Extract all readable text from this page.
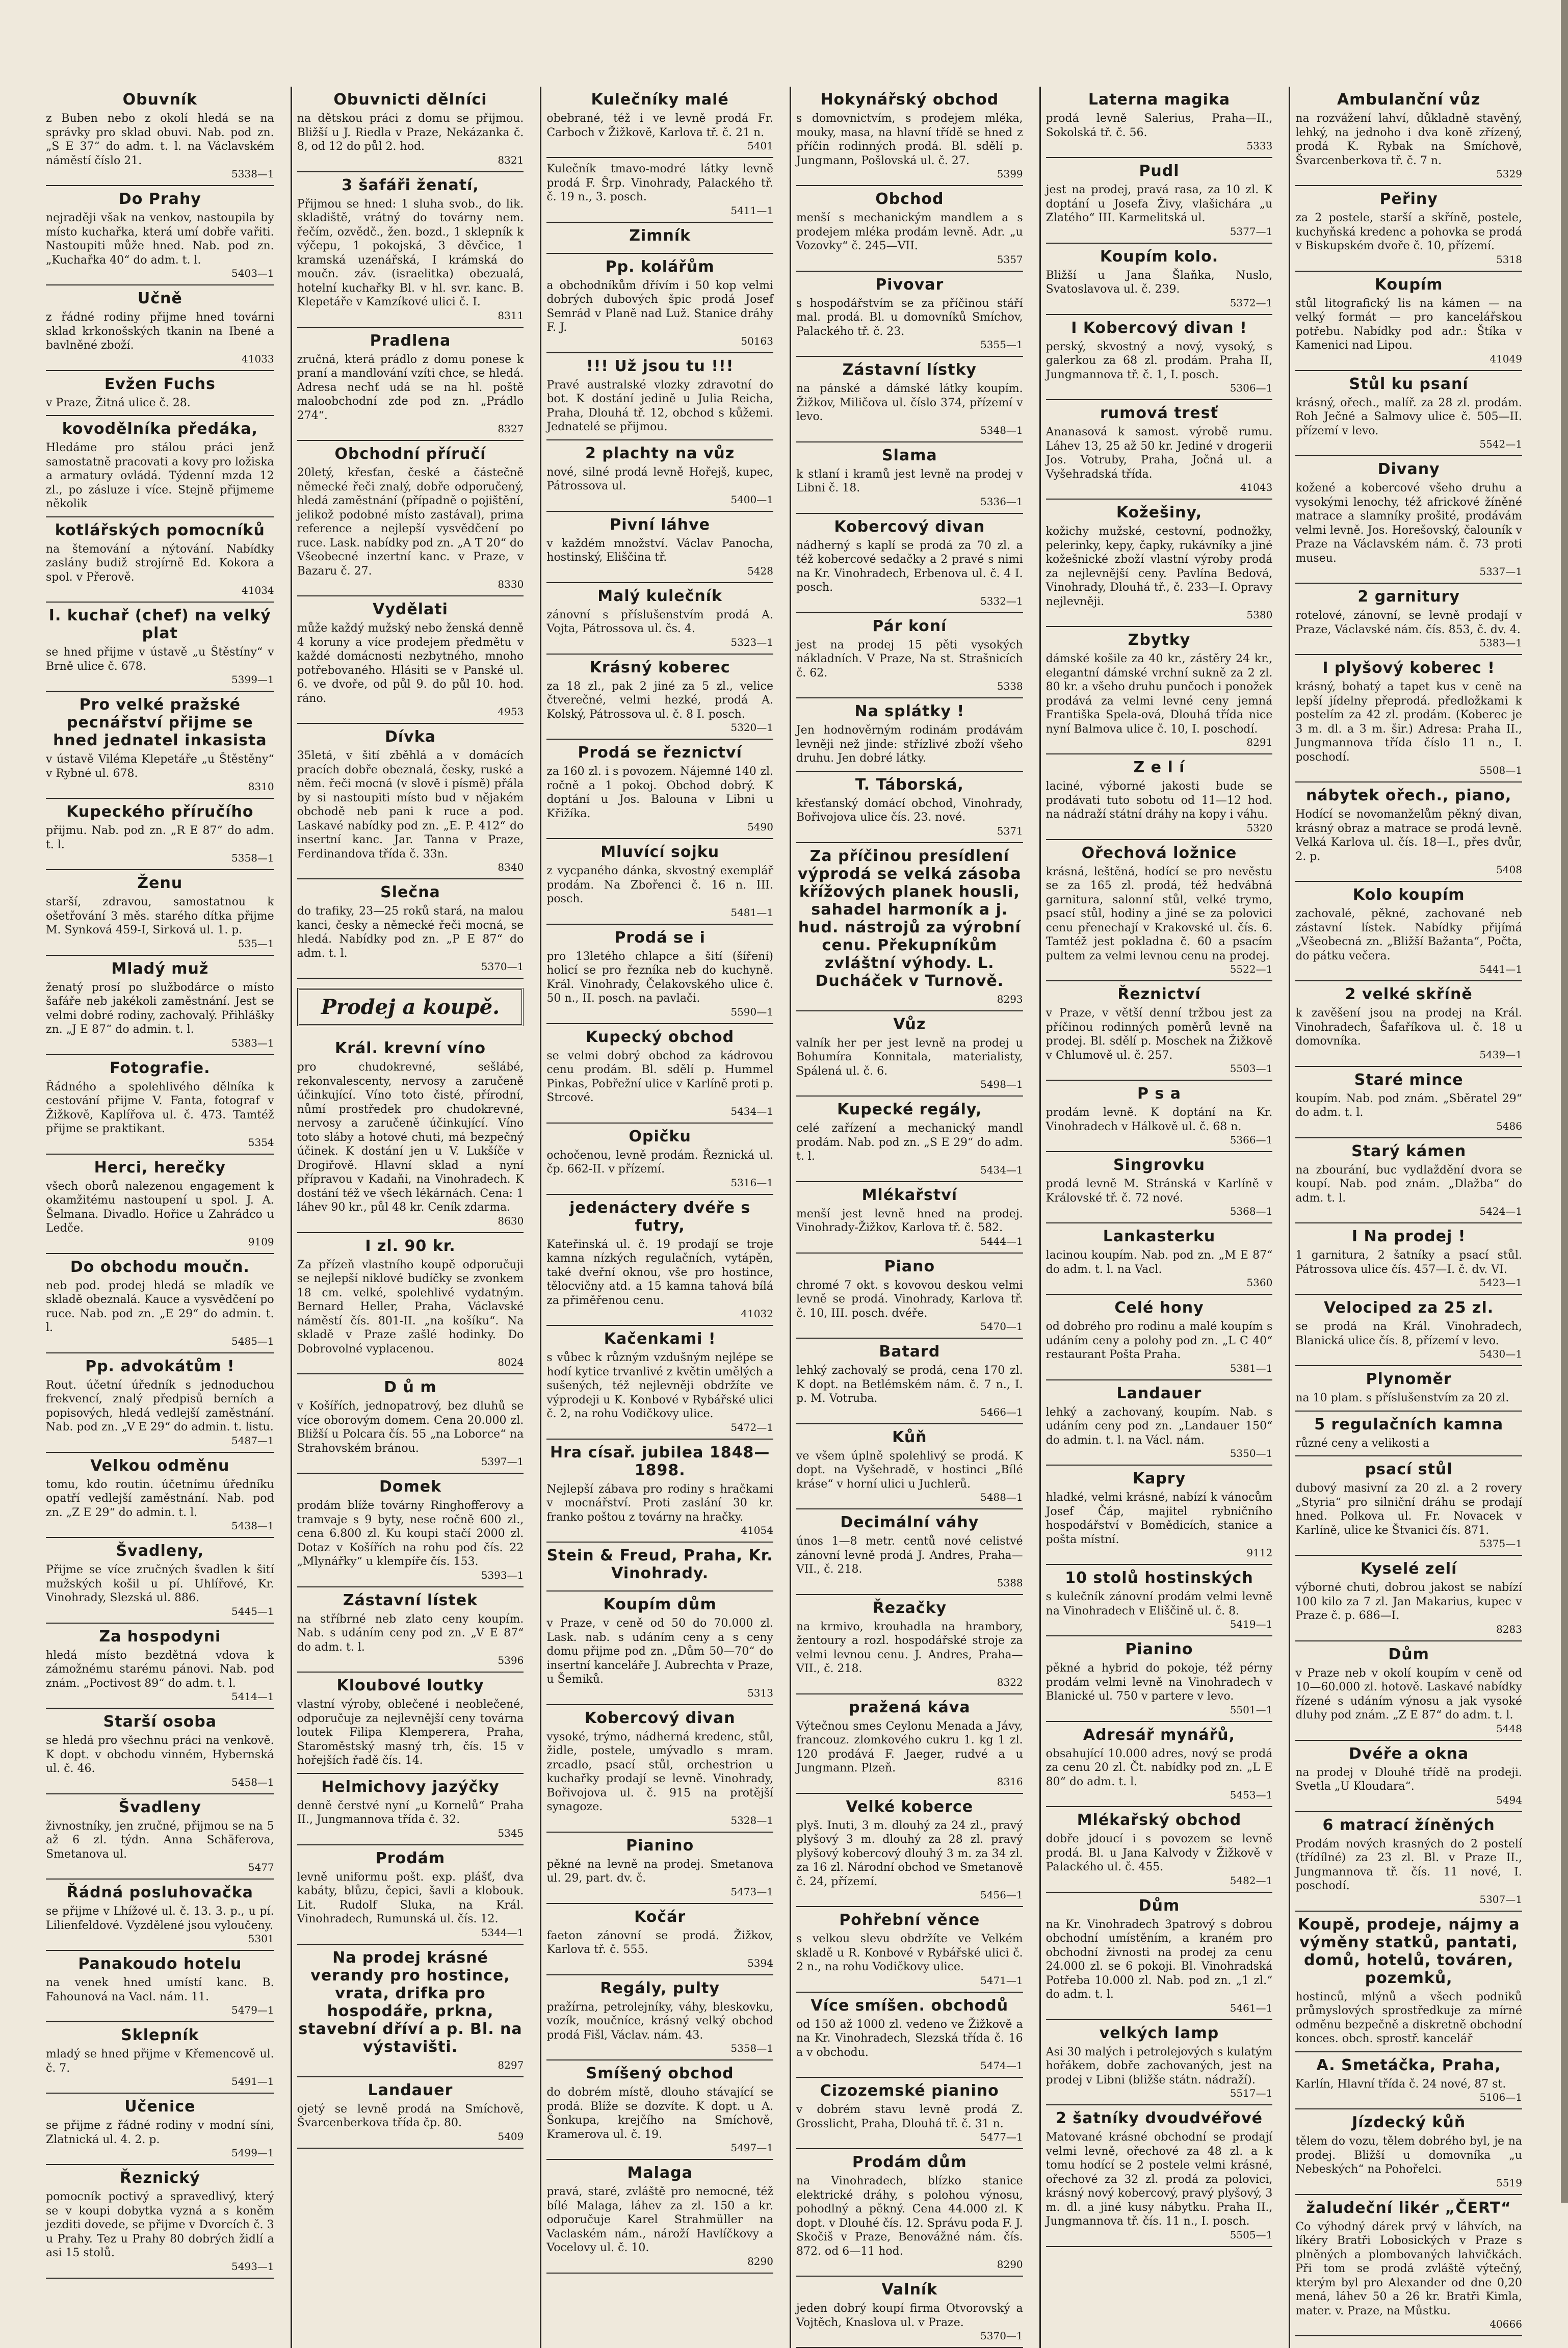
Obuvník

z Buben nebo z okolí hledá se na správky pro sklad obuvi. Nab. pod zn. „S E 37“ do adm. t. l. na Václavském náměstí číslo 21.

5338—1
Do Prahy

nejraději však na venkov, nastoupila by místo kuchařka, která umí dobře vařiti. Nastoupiti může hned. Nab. pod zn. „Kuchařka 40“ do adm. t. l.

5403—1
Učně

z řádné rodiny přijme hned továrni sklad krkonošských tkanin na Ibené a bavlněné zboží.

41033
Evžen Fuchs

v Praze, Žitná ulice č. 28.

kovodělníka předáka,

Hledáme pro stálou práci jenž samostatně pracovati a kovy pro ložiska a armatury ovládá. Týdenní mzda 12 zl., po zásluze i více. Stejně přijmeme několik

kotlářských pomocníků

na štemování a nýtování. Nabídky zaslány budiž strojírně Ed. Kokora a spol. v Přerově.

41034
I. kuchař (chef) na velký plat

se hned přijme v ústavě „u Štěstíny“ v Brně ulice č. 678.

5399—1
Pro velké pražské pecnářství přijme se hned jednatel inkasista

v ústavě Viléma Klepetáře „u Štěstěny“ v Rybné ul. 678.

8310
Kupeckého příručího

přijmu. Nab. pod zn. „R E 87“ do adm. t. l.

5358—1
Ženu

starší, zdravou, samostatnou k ošetřování 3 měs. starého dítka přijme M. Synková 459-I, Sirková ul. 1. p.

535—1
Mladý muž

ženatý prosí po službodárce o místo šafáře neb jakékoli zaměstnání. Jest se velmi dobré rodiny, zachovalý. Přihlášky zn. „J E 87“ do admin. t. l.

5383—1
Fotografie.

Řádného a spolehlivého dělníka k cestování přijme V. Fanta, fotograf v Žižkově, Kaplířova ul. č. 473. Tamtéž přijme se praktikant.

5354
Herci, herečky

všech oborů nalezenou engagement k okamžitému nastoupení u spol. J. A. Šelmana. Divadlo. Hořice u Zahrádco u Ledče.

9109
Do obchodu moučn.

neb pod. prodej hledá se mladík ve skladě obeznalá. Kauce a vysvědčení po ruce. Nab. pod zn. „E 29“ do admin. t. l.

5485—1
Pp. advokátům !

Rout. účetní úředník s jednoduchou frekvencí, znalý předpisů berních a popisových, hledá vedlejší zaměstnání. Nab. pod zn. „V E 29“ do admin. t. listu.

5487—1
Velkou odměnu

tomu, kdo routin. účetnímu úředníku opatří vedlejší zaměstnání. Nab. pod zn. „Z E 29“ do admin. t. l.

5438—1
Švadleny,

Přijme se více zručných švadlen k šití mužských košil u pí. Uhlířové, Kr. Vinohrady, Slezská ul. 886.

5445—1
Za hospodyni

hledá místo bezdětná vdova k zámožnému starému pánovi. Nab. pod znám. „Poctivost 89“ do adm. t. l.

5414—1
Starší osoba

se hledá pro všechnu práci na venkově. K dopt. v obchodu vinném, Hybernská ul. č. 46.

5458—1
Švadleny

živnostníky, jen zručné, přijmou se na 5 až 6 zl. týdn. Anna Schäferova, Smetanova ul.

5477
Řádná posluhovačka

se přijme v Lhížové ul. č. 13. 3. p., u pí. Lilienfeldové. Vyzdělené jsou vyloučeny.

5301
Panakoudo hotelu

na venek hned umístí kanc. B. Fahounová na Vacl. nám. 11.

5479—1
Sklepník

mladý se hned přijme v Křemencově ul. č. 7.

5491—1
Učenice

se přijme z řádné rodiny v modní síni, Zlatnická ul. 4. 2. p.

5499—1
Řeznický

pomocník poctivý a spravedlivý, který se v koupi dobytka vyzná a s koněm jezditi dovede, se přijme v Dvorcích č. 3 u Prahy. Tez u Prahy 80 dobrých židlí a asi 15 stolů.

5493—1
Obuvnicti dělníci

na dětskou práci z domu se přijmou. Bližší u J. Riedla v Praze, Nekázanka č. 8, od 12 do půl 2. hod.

8321
3 šafáři ženatí,

Přijmou se hned: 1 sluha svob., do lik. skladiště, vrátný do továrny nem. řečím, ozvědč., žen. bozd., 1 sklepník k výčepu, 1 pokojská, 3 děvčice, 1 kramská uzenářská, I krámská do moučn. záv. (israelitka) obezualá, hotelní kuchařky Bl. v hl. svr. kanc. B. Klepetáře v Kamzíkové ulici č. I.

8311
Pradlena

zručná, která prádlo z domu ponese k praní a mandlování vzíti chce, se hledá. Adresa nechť udá se na hl. poště maloobchodní zde pod zn. „Prádlo 274“.

8327
Obchodní příručí

20letý, křesťan, české a částečně německé řeči znalý, dobře odporučený, hledá zaměstnání (případně o pojištění, jelikož podobné místo zastával), prima reference a nejlepší vysvědčení po ruce. Lask. nabídky pod zn. „A T 20“ do Všeobecné inzertní kanc. v Praze, v Bazaru č. 27.

8330
Vydělati

může každý mužský nebo ženská denně 4 koruny a více prodejem předmětu v každé domácnosti nezbytného, mnoho potřebovaného. Hlásiti se v Panské ul. 6. ve dvoře, od půl 9. do půl 10. hod. ráno.

4953
Dívka

35letá, v šití zběhlá a v domácích pracích dobře obeznalá, česky, ruské a něm. řeči mocná (v slově i písmě) přála by si nastoupiti místo bud v nějakém obchodě neb pani k ruce a pod. Laskavé nabídky pod zn. „E. P. 412“ do insertní kanc. Jar. Tanna v Praze, Ferdinandova třída č. 33n.

8340
Slečna

do trafiky, 23—25 roků stará, na malou kanci, česky a německé řeči mocná, se hledá. Nabídky pod zn. „P E 87“ do adm. t. l.

5370—1
Prodej a koupě.
Král. krevní víno

pro chudokrevné, sešlábé, rekonvalescenty, nervosy a zaručeně účinkující. Víno toto čisté, přírodní, nůmí prostředek pro chudokrevné, nervosy a zaručeně účinkující. Víno toto sláby a hotové chuti, má bezpečný účinek. K dostání jen u V. Lukšíče v Drogiřově. Hlavní sklad a nyní přípravou v Kadaňi, na Vinohradech. K dostání též ve všech lékárnách. Cena: 1 láhev 90 kr., půl 48 kr. Ceník zdarma.

8630
I zl. 90 kr.

Za přízeň vlastního koupě odporučuji se nejlepší niklové budíčky se zvonkem 18 cm. velké, spolehlivé vydatným. Bernard Heller, Praha, Václavské náměstí čís. 801-II. „na košíku“. Na skladě v Praze zašlé hodinky. Do Dobrovolné vyplacenou.

8024
D ů m

v Košířích, jednopatrový, bez dluhů se více oborovým domem. Cena 20.000 zl. Bližší u Polcara čís. 55 „na Loborce“ na Strahovském bránou.

5397—1
Domek

prodám blíže továrny Ringhofferovy a tramvaje s 9 byty, nese ročně 600 zl., cena 6.800 zl. Ku koupi stačí 2000 zl. Dotaz v Košířích na rohu pod čís. 22 „Mlynářky“ u klempíře čís. 153.

5393—1
Zástavní lístek

na stříbrné neb zlato ceny koupím. Nab. s udáním ceny pod zn. „V E 87“ do adm. t. l.

5396
Kloubové loutky

vlastní výroby, oblečené i neoblečené, odporučuje za nejlevnější ceny továrna loutek Filipa Klemperera, Praha, Staroměstský masný trh, čís. 15 v hořejších řadě čís. 14.

Helmichovy jazýčky

denně čerstvé nyní „u Kornelů“ Praha II., Jungmannova třída č. 32.

5345
Prodám

levně uniformu pošt. exp. plášť, dva kabáty, blůzu, čepici, šavli a klobouk. Lit. Rudolf Sluka, na Král. Vinohradech, Rumunská ul. čís. 12.

5344—1
Na prodej krásné verandy pro hostince, vrata, drifka pro hospodáře, prkna, stavební dříví a p. Bl. na výstavišti.
8297
Landauer

ojetý se levně prodá na Smíchově, Švarcenberkova třída čp. 80.

5409
Kulečníky malé

obebrané, též i ve levně prodá Fr. Carboch v Žižkově, Karlova tř. č. 21 n.

5401

Kulečník tmavo-modré látky levně prodá F. Šrp. Vinohrady, Palackého tř. č. 19 n., 3. posch.

5411—1
Zimník
Pp. kolářům

a obchodníkům dřívím i 50 kop velmi dobrých dubových špic prodá Josef Semrád v Planě nad Luž. Stanice dráhy F. J.

50163
!!! Už jsou tu !!!

Pravé australské vlozky zdravotní do bot. K dostání jedině u Julia Reicha, Praha, Dlouhá tř. 12, obchod s kůžemi. Jednatelé se přijmou.

2 plachty na vůz

nové, silné prodá levně Hořejš, kupec, Pátrossova ul.

5400—1
Pivní láhve

v každém množství. Václav Panocha, hostinský, Eliščina tř.

5428
Malý kulečník

zánovní s příslušenstvím prodá A. Vojta, Pátrossova ul. čs. 4.

5323—1
Krásný koberec

za 18 zl., pak 2 jiné za 5 zl., velice čtverečné, velmi hezké, prodá A. Kolský, Pátrossova ul. č. 8 I. posch.

5320—1
Prodá se řeznictví

za 160 zl. i s povozem. Nájemné 140 zl. ročně a 1 pokoj. Obchod dobrý. K doptání u Jos. Balouna v Libni u Křižíka.

5490
Mluvící sojku

z vycpaného dánka, skvostný exemplář prodám. Na Zbořenci č. 16 n. III. posch.

5481—1
Prodá se i

pro 13letého chlapce a šití (šíření) holicí se pro řezníka neb do kuchyně. Král. Vinohrady, Čelakovského ulice č. 50 n., II. posch. na pavlači.

5590—1
Kupecký obchod

se velmi dobrý obchod za kádrovou cenu prodám. Bl. sdělí p. Hummel Pinkas, Pobřežní ulice v Karlíně proti p. Strcové.

5434—1
Opičku

ochočenou, levně prodám. Řeznická ul. čp. 662-II. v přízemí.

5316—1
jedenáctery dvéře s futry,

Kateřinská ul. č. 19 prodají se troje kamna nízkých regulačních, vytápěn, také dveřní oknou, vše pro hostince, tělocvičny atd. a 15 kamna tahová bílá za přiměřenou cenu.

41032
Kačenkami !

s vůbec k různým vzdušným nejlépe se hodí kytice trvanlivé z květin umělých a sušených, též nejlevněji obdržíte ve výprodeji u K. Konbové v Rybářské ulici č. 2, na rohu Vodičkovy ulice.

5472—1
Hra císař. jubilea 1848—1898.

Nejlepší zábava pro rodiny s hračkami v mocnářství. Proti zaslání 30 kr. franko poštou z továrny na hračky.

41054
Stein & Freud, Praha, Kr. Vinohrady.
Koupím dům

v Praze, v ceně od 50 do 70.000 zl. Lask. nab. s udáním ceny a s ceny domu přijme pod zn. „Dům 50—70“ do insertní kanceláře J. Aubrechta v Praze, u Šemiků.

5313
Kobercový divan

vysoké, trýmo, nádherná kredenc, stůl, židle, postele, umývadlo s mram. zrcadlo, psací stůl, orchestrion u kuchařky prodají se levně. Vinohrady, Bořivojova ul. č. 915 na protější synagoze.

5328—1
Pianino

pěkné na levně na prodej. Smetanova ul. 29, part. dv. č.

5473—1
Kočár

faeton zánovní se prodá. Žižkov, Karlova tř. č. 555.

5394
Regály, pulty

pražírna, petrolejníky, váhy, bleskovku, vozík, moučníce, krásný velký obchod prodá Fišl, Václav. nám. 43.

5358—1
Smíšený obchod

do dobrém místě, dlouho stávající se prodá. Blíže se dozvíte. K dopt. u A. Šonkupa, krejčího na Smíchově, Kramerova ul. č. 19.

5497—1
Malaga

pravá, staré, zvláště pro nemocné, též bílé Malaga, láhev za zl. 150 a kr. odporučuje Karel Strahmüller na Vaclaském nám., nároží Havlíčkovy a Vocelovy ul. č. 10.

8290
Hokynářský obchod

s domovnictvím, s prodejem mléka, mouky, masa, na hlavní třídě se hned z příčin rodinných prodá. Bl. sdělí p. Jungmann, Pošlovská ul. č. 27.

5399
Obchod

menší s mechanickým mandlem a s prodejem mléka prodám levně. Adr. „u Vozovky“ č. 245—VII.

5357
Pivovar

s hospodářstvím se za příčinou stáří mal. prodá. Bl. u domovníků Smíchov, Palackého tř. č. 23.

5355—1
Zástavní lístky

na pánské a dámské látky koupím. Žižkov, Miličova ul. číslo 374, přízemí v levo.

5348—1
Slama

k stlaní i kramů jest levně na prodej v Libni č. 18.

5336—1
Kobercový divan

nádherný s kaplí se prodá za 70 zl. a též kobercové sedačky a 2 pravé s nimi na Kr. Vinohradech, Erbenova ul. č. 4 I. posch.

5332—1
Pár koní

jest na prodej 15 pěti vysokých nákladních. V Praze, Na st. Strašnicích č. 62.

5338
Na splátky !

Jen hodnověrným rodinám prodávám levněji než jinde: střízlivé zboží všeho druhu. Jen dobré látky.

T. Táborská,

křesťanský domácí obchod, Vinohrady, Bořivojova ulice čís. 23. nové.

5371
Za příčinou presídlení výprodá se velká zásoba křížových planek housli, sahadel harmoník a j. hud. nástrojů za výrobní cenu. Překupníkům zvláštní výhody. L. Ducháček v Turnově.
8293
Vůz

valník her per jest levně na prodej u Bohumíra Konnitala, materialisty, Spálená ul. č. 6.

5498—1
Kupecké regály,

celé zařízení a mechanický mandl prodám. Nab. pod zn. „S E 29“ do adm. t. l.

5434—1
Mlékařství

menší jest levně hned na prodej. Vinohrady-Žižkov, Karlova tř. č. 582.

5444—1
Piano

chromé 7 okt. s kovovou deskou velmi levně se prodá. Vinohrady, Karlova tř. č. 10, III. posch. dvéře.

5470—1
Batard

lehký zachovalý se prodá, cena 170 zl. K dopt. na Betlémském nám. č. 7 n., I. p. M. Votruba.

5466—1
Kůň

ve všem úplně spolehlivý se prodá. K dopt. na Vyšehradě, v hostinci „Bílé kráse“ v horní ulici u Juchlerů.

5488—1
Decimální váhy

únos 1—8 metr. centů nové celistvé zánovní levně prodá J. Andres, Praha—VII., č. 218.

5388
Řezačky

na krmivo, krouhadla na hrambory, žentoury a rozl. hospodářské stroje za velmi levnou cenu. J. Andres, Praha—VII., č. 218.

8322
pražená káva

Výtečnou smes Ceylonu Menada a Jávy, francouz. zlomkového cukru 1. kg 1 zl. 120 prodává F. Jaeger, rudvé a u Jungmann. Plzeň.

8316
Velké koberce

plyš. Inuti, 3 m. dlouhý za 24 zl., pravý plyšový 3 m. dlouhý za 28 zl. pravý plyšový kobercový dlouhý 3 m. za 34 zl. za 16 zl. Národní obchod ve Smetanově č. 24, přízemí.

5456—1
Pohřební věnce

s velkou slevu obdržíte ve Velkém skladě u R. Konbové v Rybářské ulici č. 2 n., na rohu Vodičkovy ulice.

5471—1
Více smíšen. obchodů

od 150 až 1000 zl. vedeno ve Žižkově a na Kr. Vinohradech, Slezská třída č. 16 a v obchodu.

5474—1
Cizozemské pianino

v dobrém stavu levně prodá Z. Grosslicht, Praha, Dlouhá tř. č. 31 n.

5477—1
Prodám dům

na Vinohradech, blízko stanice elektrické dráhy, s polohou výnosu, pohodlný a pěkný. Cena 44.000 zl. K dopt. v Dlouhé čís. 12. Správu poda F. J. Skočiš v Praze, Benovážné nám. čís. 872. od 6—11 hod.

8290
Valník

jeden dobrý koupí firma Otvorovský a Vojtěch, Knaslova ul. v Praze.

5370—1
Laterna magika

prodá levně Salerius, Praha—II., Sokolská tř. č. 56.

5333
Pudl

jest na prodej, pravá rasa, za 10 zl. K doptání u Josefa Živy, vlašichára „u Zlatého“ III. Karmelitská ul.

5377—1
Koupím kolo.

Bližší u Jana Šlaňka, Nuslo, Svatoslavova ul. č. 239.

5372—1
I Kobercový divan !

perský, skvostný a nový, vysoký, s galerkou za 68 zl. prodám. Praha II, Jungmannova tř. č. 1, I. posch.

5306—1
rumová tresť

Ananasová k samost. výrobě rumu. Láhev 13, 25 až 50 kr. Jediné v drogerii Jos. Votruby, Praha, Jočná ul. a Vyšehradská třída.

41043
Kožešiny,

kožichy mužské, cestovní, podnožky, pelerinky, kepy, čapky, rukávníky a jiné kožešnické zboží vlastní výroby prodá za nejlevnější ceny. Pavlína Bedová, Vinohrady, Dlouhá tř., č. 233—I. Opravy nejlevněji.

5380
Zbytky

dámské košile za 40 kr., zástěry 24 kr., elegantní dámské vrchní sukně za 2 zl. 80 kr. a všeho druhu punčoch i ponožek prodává za velmi levné ceny jemná Františka Spela-ová, Dlouhá třída nice nyní Balmova ulice č. 10, I. poschodí.

8291
Z e l í

laciné, výborné jakosti bude se prodávati tuto sobotu od 11—12 hod. na nádraží státní dráhy na kopy i váhu.

5320
Ořechová ložnice

krásná, leštěná, hodící se pro nevěstu se za 165 zl. prodá, též hedvábná garnitura, salonní stůl, velké trymo, psací stůl, hodiny a jiné se za polovici cenu přenechají v Krakovské ul. čís. 6. Tamtéž jest pokladna č. 60 a psacím pultem za velmi levnou cenu na prodej.

5522—1
Řeznictví

v Praze, v větší denní tržbou jest za příčinou rodinných poměrů levně na prodej. Bl. sdělí p. Moschek na Žižkově v Chlumově ul. č. 257.

5503—1
P s a

prodám levně. K doptání na Kr. Vinohradech v Hálkově ul. č. 68 n.

5366—1
Singrovku

prodá levně M. Stránská v Karlíně v Královské tř. č. 72 nové.

5368—1
Lankasterku

lacinou koupím. Nab. pod zn. „M E 87“ do adm. t. l. na Vacl.

5360
Celé hony

od dobrého pro rodinu a malé koupím s udáním ceny a polohy pod zn. „L C 40“ restaurant Pošta Praha.

5381—1
Landauer

lehký a zachovaný, koupím. Nab. s udáním ceny pod zn. „Landauer 150“ do admin. t. l. na Václ. nám.

5350—1
Kapry

hladké, velmi krásné, nabízí k vánocům Josef Čáp, majitel rybničního hospodářství v Bomědicích, stanice a pošta místní.

9112
10 stolů hostinských

s kulečník zánovní prodám velmi levně na Vinohradech v Eliščině ul. č. 8.

5419—1
Pianino

pěkné a hybrid do pokoje, též pérny prodám velmi levně na Vinohradech v Blanické ul. 750 v partere v levo.

5501—1
Adresář mynářů,

obsahující 10.000 adres, nový se prodá za cenu 20 zl. Čt. nabídky pod zn. „L E 80“ do adm. t. l.

5453—1
Mlékařský obchod

dobře jdoucí i s povozem se levně prodá. Bl. u Jana Kalvody v Žižkově v Palackého ul. č. 455.

5482—1
Dům

na Kr. Vinohradech 3patrový s dobrou obchodní umístěním, a kraném pro obchodní živnosti na prodej za cenu 24.000 zl. se 6 pokoji. Bl. Vinohradská Potřeba 10.000 zl. Nab. pod zn. „1 zl.“ do adm. t. l.

5461—1
velkých lamp

Asi 30 malých i petrolejových s kulatým hořákem, dobře zachovaných, jest na prodej v Libni (bližše státn. nádraží).

5517—1
2 šatníky dvoudvéřové

Matované krásné obchodní se prodají velmi levně, ořechové za 48 zl. a k tomu hodící se 2 postele velmi krásné, ořechové za 32 zl. prodá za polovici, krásný nový kobercový, pravý plyšový, 3 m. dl. a jiné kusy nábytku. Praha II., Jungmannova tř. čís. 11 n., I. posch.

5505—1
Ambulanční vůz

na rozvážení lahví, důkladně stavěný, lehký, na jednoho i dva koně zřízený, prodá K. Rybak na Smíchově, Švarcenberkova tř. č. 7 n.

5329
Peřiny

za 2 postele, starší a skříně, postele, kuchyňská kredenc a pohovka se prodá v Biskupském dvoře č. 10, přízemí.

5318
Koupím

stůl litografický lis na kámen — na velký formát — pro kancelářskou potřebu. Nabídky pod adr.: Štíka v Kamenici nad Lipou.

41049
Stůl ku psaní

krásný, ořech., malíř. za 28 zl. prodám. Roh Ječné a Salmovy ulice č. 505—II. přízemí v levo.

5542—1
Divany

kožené a kobercové všeho druhu a vysokými lenochy, též africkové žíněné matrace a slamníky prošité, prodávám velmi levně. Jos. Horešovský, čalouník v Praze na Václavském nám. č. 73 proti museu.

5337—1
2 garnitury

rotelové, zánovní, se levně prodají v Praze, Václavské nám. čís. 853, č. dv. 4.

5383—1
I plyšový koberec !

krásný, bohatý a tapet kus v ceně na lepší jídelny přeprodá. předložkami k postelím za 42 zl. prodám. (Koberec je 3 m. dl. a 3 m. šir.) Adresa: Praha II., Jungmannova třída číslo 11 n., I. poschodí.

5508—1
nábytek ořech., piano,

Hodící se novomanželům pěkný divan, krásný obraz a matrace se prodá levně. Velká Karlova ul. čís. 18—I., přes dvůr, 2. p.

5408
Kolo koupím

zachovalé, pěkné, zachované neb zástavní lístek. Nabídky přijímá „Všeobecná zn. „Bližší Bažanta“, Počta, do pátku večera.

5441—1
2 velké skříně

k zavěšení jsou na prodej na Král. Vinohradech, Šafaříkova ul. č. 18 u domovníka.

5439—1
Staré mince

koupím. Nab. pod znám. „Sběratel 29“ do adm. t. l.

5486
Starý kámen

na zbourání, buc vydlaždění dvora se koupí. Nab. pod znám. „Dlažba“ do adm. t. l.

5424—1
I Na prodej !

1 garnitura, 2 šatníky a psací stůl. Pátrossova ulice čís. 457—I. č. dv. VI.

5423—1
Velociped za 25 zl.

se prodá na Král. Vinohradech, Blanická ulice čís. 8, přízemí v levo.

5430—1
Plynoměr

na 10 plam. s příslušenstvím za 20 zl.

5 regulačních kamna

různé ceny a velikosti a

psací stůl

dubový masivní za 20 zl. a 2 rovery „Styria“ pro silniční dráhu se prodají hned. Polkova ul. Fr. Novacek v Karlíně, ulice ke Štvanici čís. 871.

5375—1
Kyselé zelí

výborné chuti, dobrou jakost se nabízí 100 kilo za 7 zl. Jan Makarius, kupec v Praze č. p. 686—I.

8283
Dům

v Praze neb v okolí koupím v ceně od 10—60.000 zl. hotově. Laskavé nabídky řízené s udáním výnosu a jak vysoké dluhy pod znám. „Z E 87“ do adm. t. l.

5448
Dvéře a okna

na prodej v Dlouhé třídě na prodeji. Svetla „U Kloudara“.

5494
6 matrací žíněných

Prodám nových krasných do 2 postelí (třídílné) za 23 zl. Bl. v Praze II., Jungmannova tř. čís. 11 nové, I. poschodí.

5307—1
Koupě, prodeje, nájmy a výměny statků, pantati, domů, hotelů, továren, pozemků,

hostinců, mlýnů a všech podniků průmyslových sprostředkuje za mírné odměnu bezpečně a diskretně obchodní konces. obch. sprostř. kancelář

A. Smetáčka, Praha,

Karlín, Hlavní třída č. 24 nové, 87 st.

5106—1
Jízdecký kůň

tělem do vozu, tělem dobrého byl, je na prodej. Bližší u domovníka „u Nebeských“ na Pohořelci.

5519
žaludeční likér „ČERT“

Co výhodný dárek prvý v láhvích, na líkéry Bratři Lobosických v Praze s plněných a plombovaných lahvičkách. Při tom se prodá zvláště výtečný, kterým byl pro Alexander od dne 0,20 mená, láhev 50 a 26 kr. Bratři Kimla, mater. v. Praze, na Můstku.

40666
